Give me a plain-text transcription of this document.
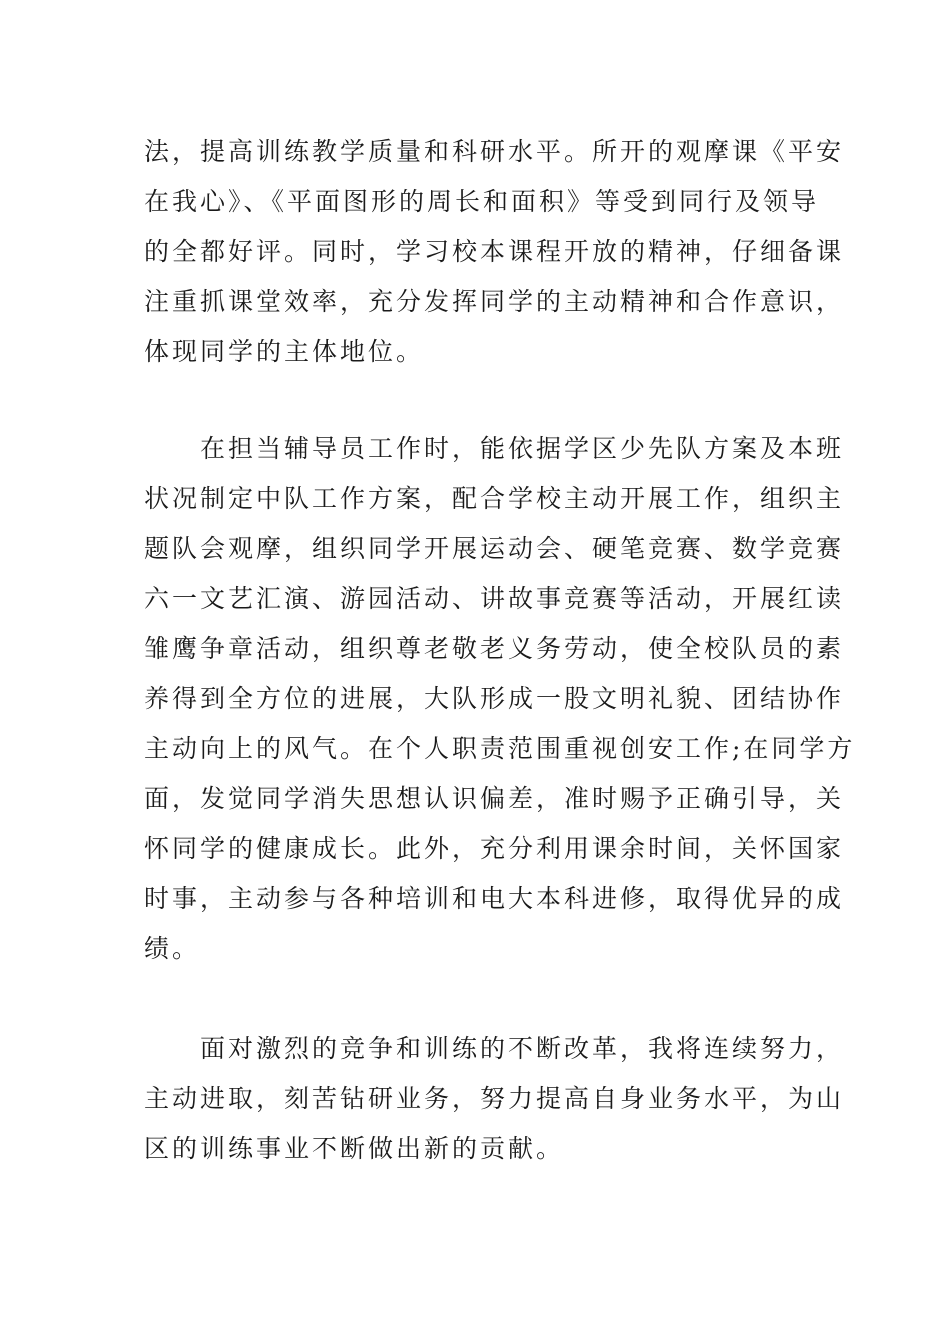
法，提高训练教学质量和科研水平。所开的观摩课《平安
在我心》、《平面图形的周长和面积》等受到同行及领导
的全都好评。同时，学习校本课程开放的精神，仔细备课
注重抓课堂效率，充分发挥同学的主动精神和合作意识，
体现同学的主体地位。
在担当辅导员工作时，能依据学区少先队方案及本班
状况制定中队工作方案，配合学校主动开展工作，组织主
题队会观摩，组织同学开展运动会、硬笔竞赛、数学竞赛
六一文艺汇演、游园活动、讲故事竞赛等活动，开展红读
雏鹰争章活动，组织尊老敬老义务劳动，使全校队员的素
养得到全方位的进展，大队形成一股文明礼貌、团结协作
主动向上的风气。在个人职责范围重视创安工作;在同学方
面，发觉同学消失思想认识偏差，准时赐予正确引导，关
怀同学的健康成长。此外，充分利用课余时间，关怀国家
时事，主动参与各种培训和电大本科进修，取得优异的成
绩。
面对激烈的竞争和训练的不断改革，我将连续努力，
主动进取，刻苦钻研业务，努力提高自身业务水平，为山
区的训练事业不断做出新的贡献。
